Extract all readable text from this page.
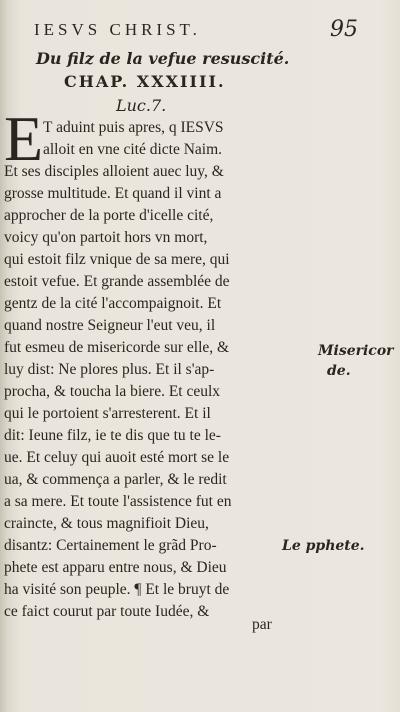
IESVS CHRIST.	95
Du filz de la vefue resuscité.
CHAP. XXXIIII.
Luc.7.
E T aduint puis apres, q IESVS
alloit en vne cité dicte Naim.
Et ses disciples alloient auec luy, &
grosse multitude. Et quand il vint a
approcher de la porte d'icelle cité,
voicy qu'on partoit hors vn mort,
qui estoit filz vnique de sa mere, qui
estoit vefue. Et grande assemblée de
gentz de la cité l'accompaignoit. Et
quand nostre Seigneur l'eut veu, il
fut esmeu de misericorde sur elle, &
luy dist: Ne plores plus. Et il s'ap-
procha, & toucha la biere. Et ceulx
qui le portoient s'arresterent. Et il
dit: Ieune filz, ie te dis que tu te le-
ue. Et celuy qui auoit esté mort se le
ua, & commença a parler, & le redit
a sa mere. Et toute l'assistence fut en
craincte, & tous magnifioit Dieu,
disantz: Certainement le grãd Pro-
phete est apparu entre nous, & Dieu
ha visité son peuple. ¶ Et le bruyt de
ce faict courut par toute Iudée, &
par
Misericor
de.
Le pphete.
